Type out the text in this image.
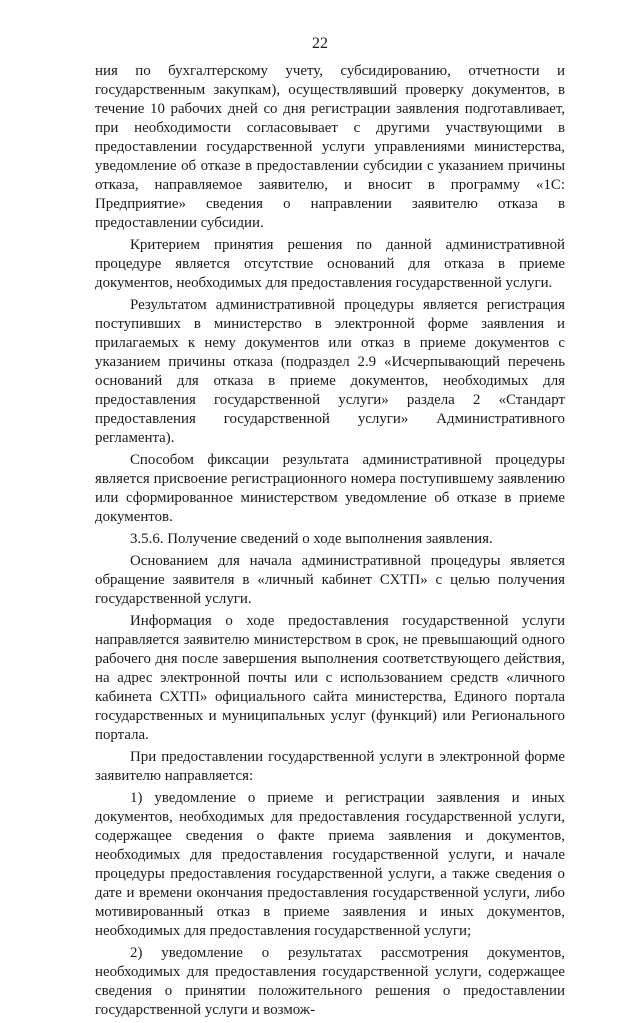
22

ния по бухгалтерскому учету, субсидированию, отчетности и государственным закупкам), осуществлявший проверку документов, в течение 10 рабочих дней со дня регистрации заявления подготавливает, при необходимости согласовывает с другими участвующими в предоставлении государственной услуги управлениями министерства, уведомление об отказе в предоставлении субсидии с указанием причины отказа, направляемое заявителю, и вносит в программу «1С: Предприятие» сведения о направлении заявителю отказа в предоставлении субсидии.

Критерием принятия решения по данной административной процедуре является отсутствие оснований для отказа в приеме документов, необходимых для предоставления государственной услуги.

Результатом административной процедуры является регистрация поступивших в министерство в электронной форме заявления и прилагаемых к нему документов или отказ в приеме документов с указанием причины отказа (подраздел 2.9 «Исчерпывающий перечень оснований для отказа в приеме документов, необходимых для предоставления государственной услуги» раздела 2 «Стандарт предоставления государственной услуги» Административного регламента).

Способом фиксации результата административной процедуры является присвоение регистрационного номера поступившему заявлению или сформированное министерством уведомление об отказе в приеме документов.

3.5.6. Получение сведений о ходе выполнения заявления.

Основанием для начала административной процедуры является обращение заявителя в «личный кабинет СХТП» с целью получения государственной услуги.

Информация о ходе предоставления государственной услуги направляется заявителю министерством в срок, не превышающий одного рабочего дня после завершения выполнения соответствующего действия, на адрес электронной почты или с использованием средств «личного кабинета СХТП» официального сайта министерства, Единого портала государственных и муниципальных услуг (функций) или Регионального портала.

При предоставлении государственной услуги в электронной форме заявителю направляется:

1) уведомление о приеме и регистрации заявления и иных документов, необходимых для предоставления государственной услуги, содержащее сведения о факте приема заявления и документов, необходимых для предоставления государственной услуги, и начале процедуры предоставления государственной услуги, а также сведения о дате и времени окончания предоставления государственной услуги, либо мотивированный отказ в приеме заявления и иных документов, необходимых для предоставления государственной услуги;

2) уведомление о результатах рассмотрения документов, необходимых для предоставления государственной услуги, содержащее сведения о принятии положительного решения о предоставлении государственной услуги и возмож-
